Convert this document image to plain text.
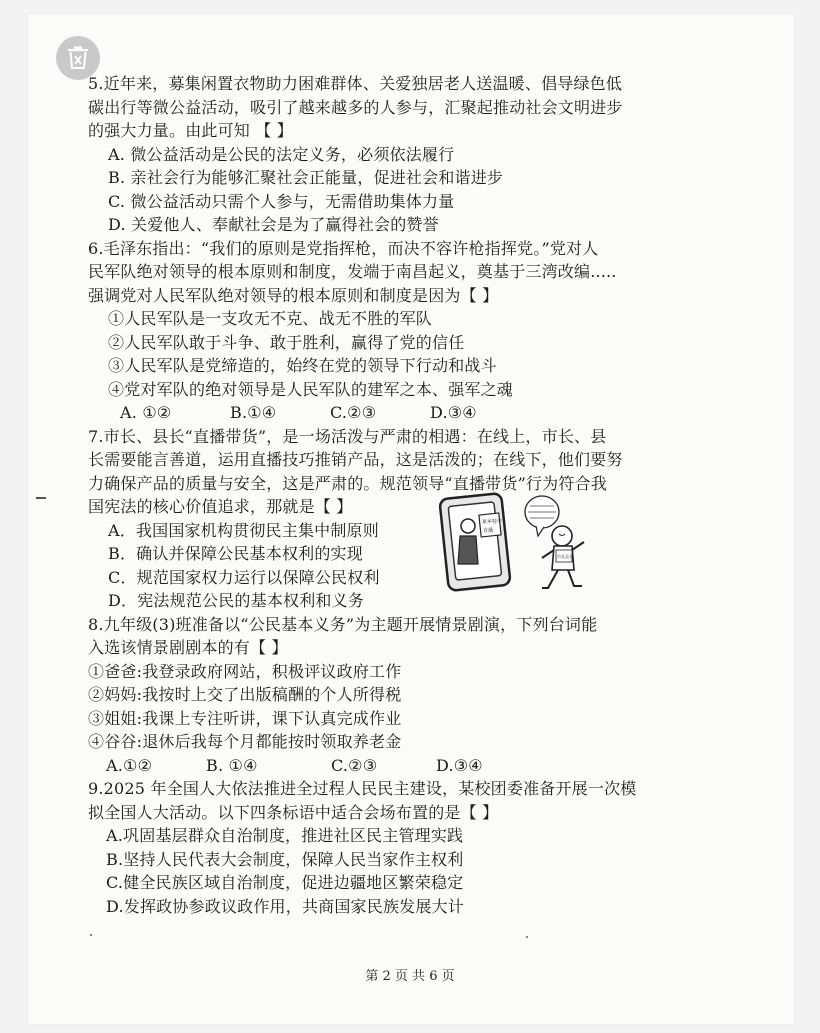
5.近年来，募集闲置衣物助力困难群体、关爱独居老人送温暖、倡导绿色低
碳出行等微公益活动，吸引了越来越多的人参与，汇聚起推动社会文明进步
的强大力量。由此可知 【 】
A. 微公益活动是公民的法定义务，必须依法履行
B. 亲社会行为能够汇聚社会正能量，促进社会和谐进步
C. 微公益活动只需个人参与，无需借助集体力量
D. 关爱他人、奉献社会是为了赢得社会的赞誉
6.毛泽东指出：“我们的原则是党指挥枪，而决不容许枪指挥党。”党对人
民军队绝对领导的根本原则和制度，发端于南昌起义，奠基于三湾改编.....
强调党对人民军队绝对领导的根本原则和制度是因为【 】
①人民军队是一支攻无不克、战无不胜的军队
②人民军队敢于斗争、敢于胜利，赢得了党的信任
③人民军队是党缔造的，始终在党的领导下行动和战斗
④党对军队的绝对领导是人民军队的建军之本、强军之魂
A. ①②	B.①④	C.②③	D.③④
7.市长、县长“直播带货”，是一场活泼与严肃的相遇：在线上，市长、县
长需要能言善道，运用直播技巧推销产品，这是活泼的；在线下，他们要努
力确保产品的质量与安全，这是严肃的。规范领导“直播带货”行为符合我
国宪法的核心价值追求，那就是【 】
A．我国国家机构贯彻民主集中制原则
B．确认并保障公民基本权利的实现
C．规范国家权力运行以保障公民权利
D．宪法规范公民的基本权利和义务
8.九年级(3)班准备以“公民基本义务”为主题开展情景剧演，下列台词能
入选该情景剧剧本的有【 】
①爸爸:我登录政府网站，积极评议政府工作
②妈妈:我按时上交了出版稿酬的个人所得税
③姐姐:我课上专注听讲，课下认真完成作业
④谷谷:退休后我每个月都能按时领取养老金
A.①②	B. ①④	C.②③	D.③④
9.2025 年全国人大依法推进全过程人民民主建设，某校团委准备开展一次模
拟全国人大活动。以下四条标语中适合会场布置的是【 】
A.巩固基层群众自治制度，推进社区民主管理实践
B.坚持人民代表大会制度，保障人民当家作主权利
C.健全民族区域自治制度，促进边疆地区繁荣稳定
D.发挥政协参政议政作用，共商国家民族发展大计
家乡特产
直播
市长县长
第 2 页 共 6 页
